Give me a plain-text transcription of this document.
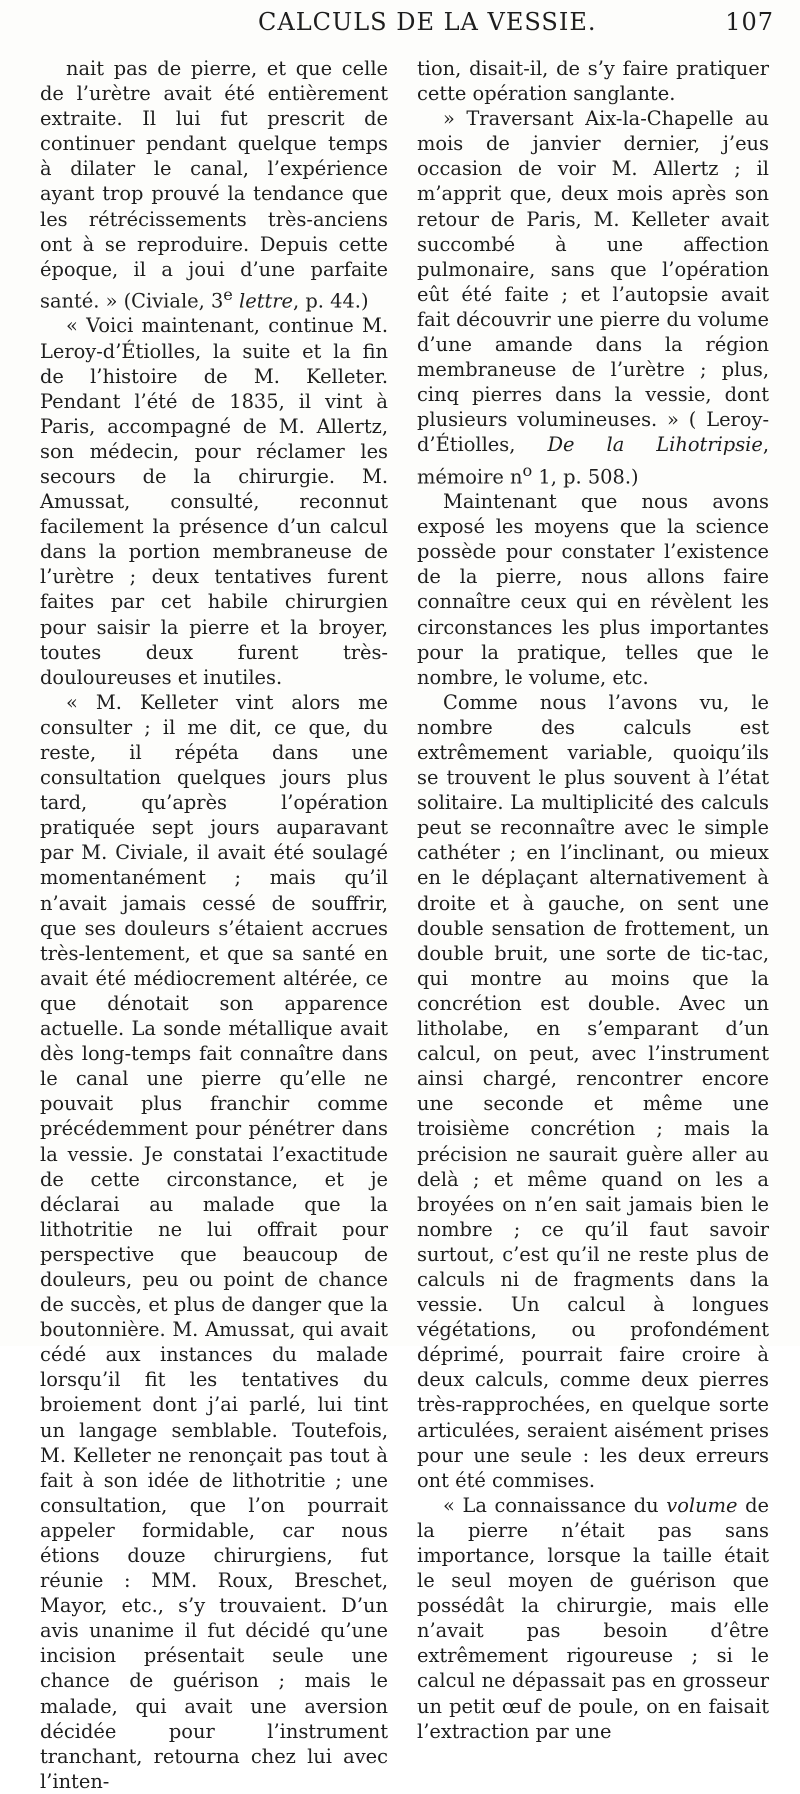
CALCULS DE LA VESSIE.	107

nait pas de pierre, et que celle de l’urètre avait été entièrement extraite. Il lui fut prescrit de continuer pendant quelque temps à dilater le canal, l’expérience ayant trop prouvé la tendance que les rétrécissements très-anciens ont à se reproduire. Depuis cette époque, il a joui d’une parfaite santé. » (Civiale, 3e lettre, p. 44.)

« Voici maintenant, continue M. Leroy-d’Étiolles, la suite et la fin de l’histoire de M. Kelleter. Pendant l’été de 1835, il vint à Paris, accompagné de M. Allertz, son médecin, pour réclamer les secours de la chirurgie. M. Amussat, consulté, reconnut facilement la présence d’un calcul dans la portion membraneuse de l’urètre ; deux tentatives furent faites par cet habile chirurgien pour saisir la pierre et la broyer, toutes deux furent très-douloureuses et inutiles.

« M. Kelleter vint alors me consulter ; il me dit, ce que, du reste, il répéta dans une consultation quelques jours plus tard, qu’après l’opération pratiquée sept jours auparavant par M. Civiale, il avait été soulagé momentanément ; mais qu’il n’avait jamais cessé de souffrir, que ses douleurs s’étaient accrues très-lentement, et que sa santé en avait été médiocrement altérée, ce que dénotait son apparence actuelle. La sonde métallique avait dès long-temps fait connaître dans le canal une pierre qu’elle ne pouvait plus franchir comme précédemment pour pénétrer dans la vessie. Je constatai l’exactitude de cette circonstance, et je déclarai au malade que la lithotritie ne lui offrait pour perspective que beaucoup de douleurs, peu ou point de chance de succès, et plus de danger que la boutonnière. M. Amussat, qui avait cédé aux instances du malade lorsqu’il fit les tentatives du broiement dont j’ai parlé, lui tint un langage semblable. Toutefois, M. Kelleter ne renonçait pas tout à fait à son idée de lithotritie ; une consultation, que l’on pourrait appeler formidable, car nous étions douze chirurgiens, fut réunie : MM. Roux, Breschet, Mayor, etc., s’y trouvaient. D’un avis unanime il fut décidé qu’une incision présentait seule une chance de guérison ; mais le malade, qui avait une aversion décidée pour l’instrument tranchant, retourna chez lui avec l’inten-

tion, disait-il, de s’y faire pratiquer cette opération sanglante.

» Traversant Aix-la-Chapelle au mois de janvier dernier, j’eus occasion de voir M. Allertz ; il m’apprit que, deux mois après son retour de Paris, M. Kelleter avait succombé à une affection pulmonaire, sans que l’opération eût été faite ; et l’autopsie avait fait découvrir une pierre du volume d’une amande dans la région membraneuse de l’urètre ; plus, cinq pierres dans la vessie, dont plusieurs volumineuses. » ( Leroy-d’Étiolles, De la Lihotripsie, mémoire $n^o$ 1, p. 508.)

Maintenant que nous avons exposé les moyens que la science possède pour constater l’existence de la pierre, nous allons faire connaître ceux qui en révèlent les circonstances les plus importantes pour la pratique, telles que le nombre, le volume, etc.

Comme nous l’avons vu, le nombre des calculs est extrêmement variable, quoiqu’ils se trouvent le plus souvent à l’état solitaire. La multiplicité des calculs peut se reconnaître avec le simple cathéter ; en l’inclinant, ou mieux en le déplaçant alternativement à droite et à gauche, on sent une double sensation de frottement, un double bruit, une sorte de tic-tac, qui montre au moins que la concrétion est double. Avec un litholabe, en s’emparant d’un calcul, on peut, avec l’instrument ainsi chargé, rencontrer encore une seconde et même une troisième concrétion ; mais la précision ne saurait guère aller au delà ; et même quand on les a broyées on n’en sait jamais bien le nombre ; ce qu’il faut savoir surtout, c’est qu’il ne reste plus de calculs ni de fragments dans la vessie. Un calcul à longues végétations, ou profondément déprimé, pourrait faire croire à deux calculs, comme deux pierres très-rapprochées, en quelque sorte articulées, seraient aisément prises pour une seule : les deux erreurs ont été commises.

« La connaissance du volume de la pierre n’était pas sans importance, lorsque la taille était le seul moyen de guérison que possédât la chirurgie, mais elle n’avait pas besoin d’être extrêmement rigoureuse ; si le calcul ne dépassait pas en grosseur un petit œuf de poule, on en faisait l’extraction par une
